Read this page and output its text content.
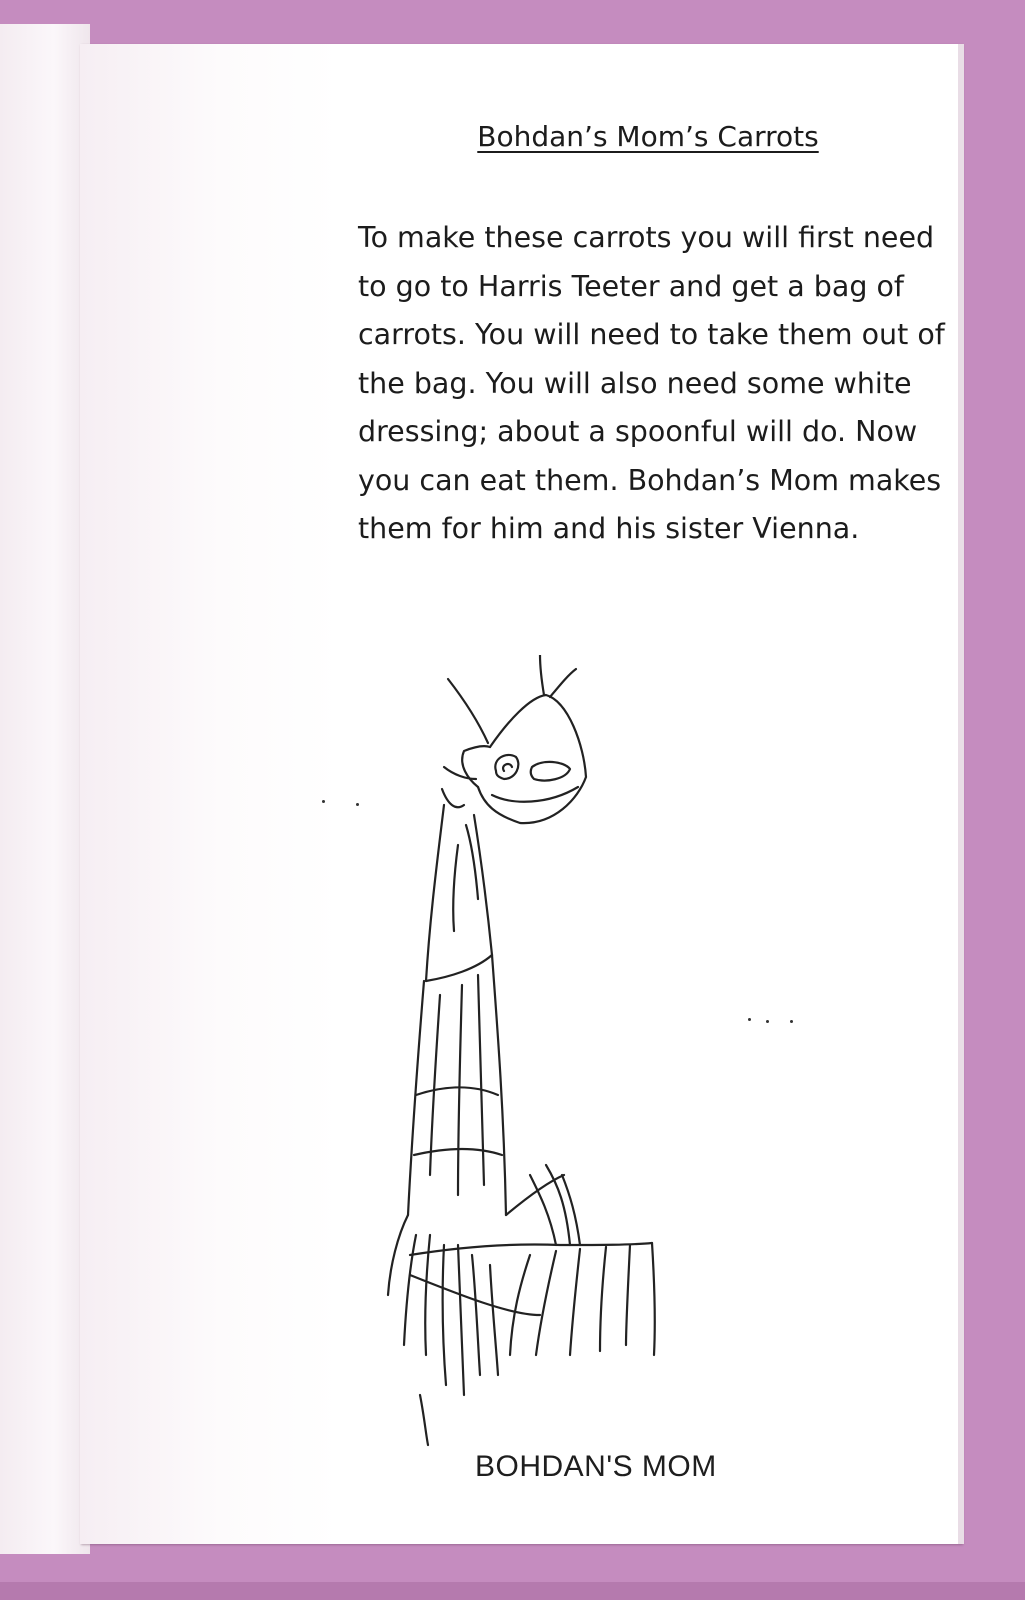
Bohdan’s Mom’s Carrots

To make these carrots you will first need to go to Harris Teeter and get a bag of carrots. You will need to take them out of the bag. You will also need some white dressing; about a spoonful will do. Now you can eat them. Bohdan’s Mom makes them for him and his sister Vienna.

BOHDAN'S MOM
